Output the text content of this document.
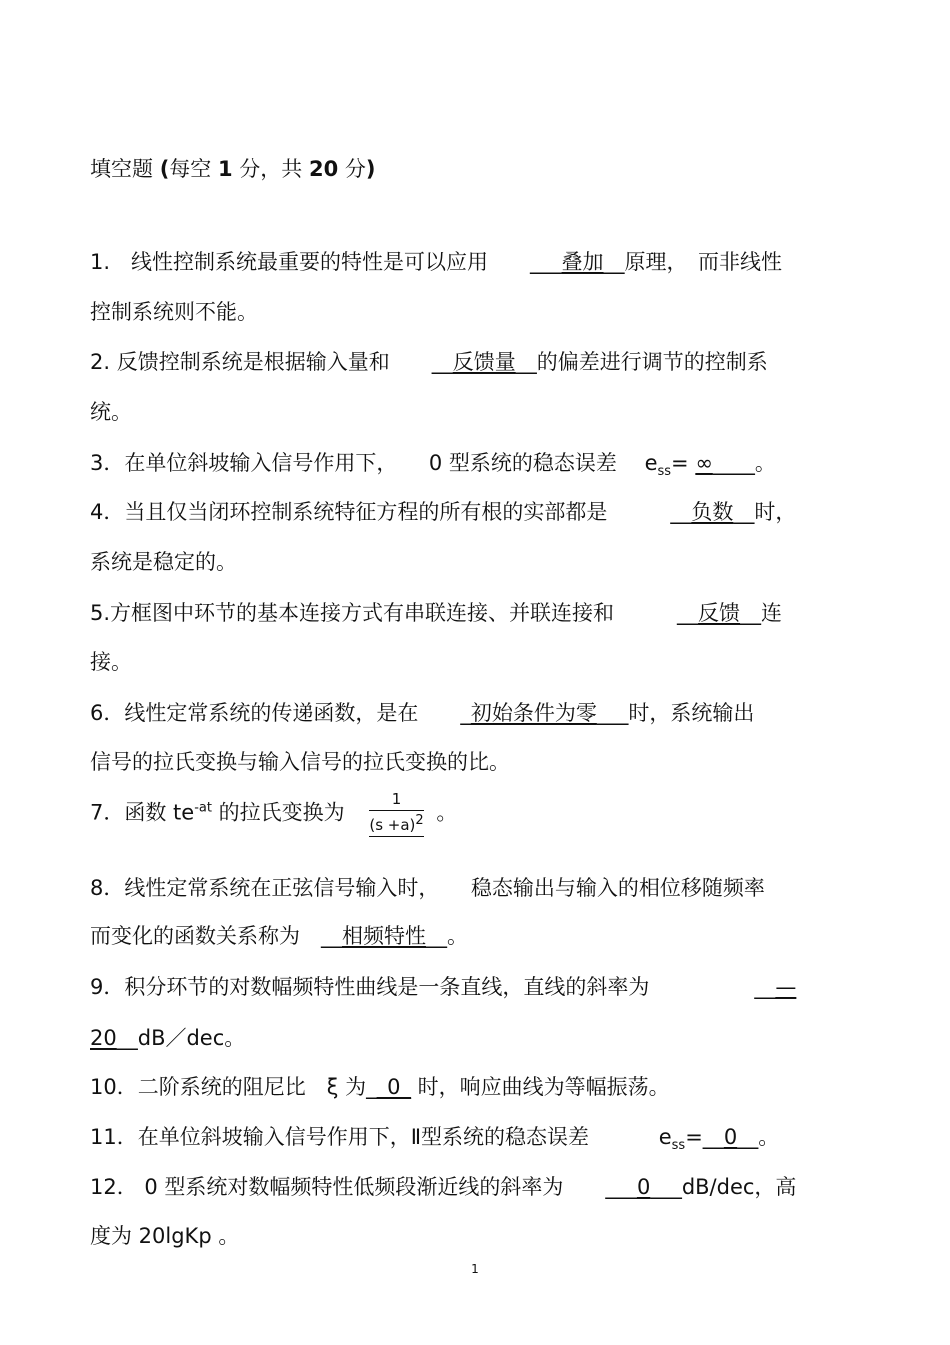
填空题 (每空 1 分，共 20 分)
1.　线性控制系统最重要的特性是可以应用　　___叠加__原理，　而非线性
控制系统则不能。
2. 反馈控制系统是根据输入量和　　__反馈量__的偏差进行调节的控制系
统。
3．在单位斜坡输入信号作用下，　　0 型系统的稳态误差　 $e_{ss}=$ ∞____。
4．当且仅当闭环控制系统特征方程的所有根的实部都是　　　__负数__时，
系统是稳定的。
5.方框图中环节的基本连接方式有串联连接、并联连接和　　　__反馈__连
接。
6．线性定常系统的传递函数，是在　　_初始条件为零___时，系统输出
信号的拉氏变换与输入信号的拉氏变换的比。
7．函数 $te^{-at}$ 的拉氏变换为 $\frac{1}{(s +a)^2}$ 。
8．线性定常系统在正弦信号输入时，　　稳态输出与输入的相位移随频率
而变化的函数关系称为　__相频特性__。
9．积分环节的对数幅频特性曲线是一条直线，直线的斜率为　　　　　__—
20__dB／dec。
10．二阶系统的阻尼比　ξ 为__0_ 时，响应曲线为等幅振荡。
11．在单位斜坡输入信号作用下，Ⅱ型系统的稳态误差　　　 $e_{ss}=\_\_0\_\_$。
12． 0 型系统对数幅频特性低频段渐近线的斜率为　　___0___dB/dec，高
度为 20lgKp 。
1
